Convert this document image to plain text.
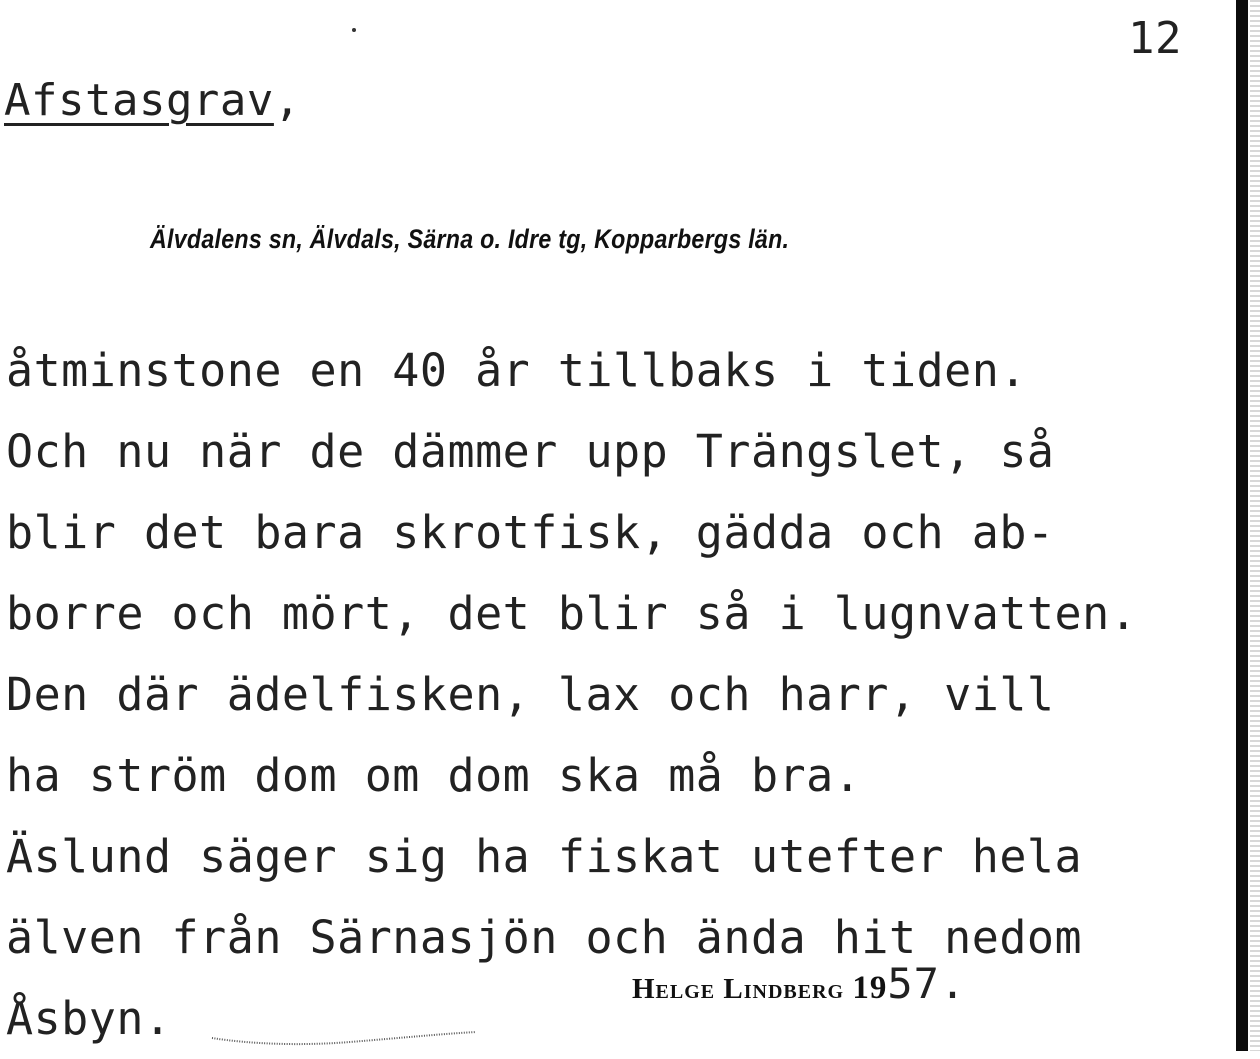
12
Afstasgrav,
Älvdalens sn, Älvdals, Särna o. Idre tg, Kopparbergs län.
åtminstone en 40 år tillbaks i tiden.
Och nu när de dämmer upp Trängslet, så
blir det bara skrotfisk, gädda och ab-
borre och mört, det blir så i lugnvatten.
Den där ädelfisken, lax och harr, vill
ha ström dom om dom ska må bra.
Äslund säger sig ha fiskat utefter hela
älven från Särnasjön och ända hit nedom
Åsbyn.
Helge Lindberg 1957.
